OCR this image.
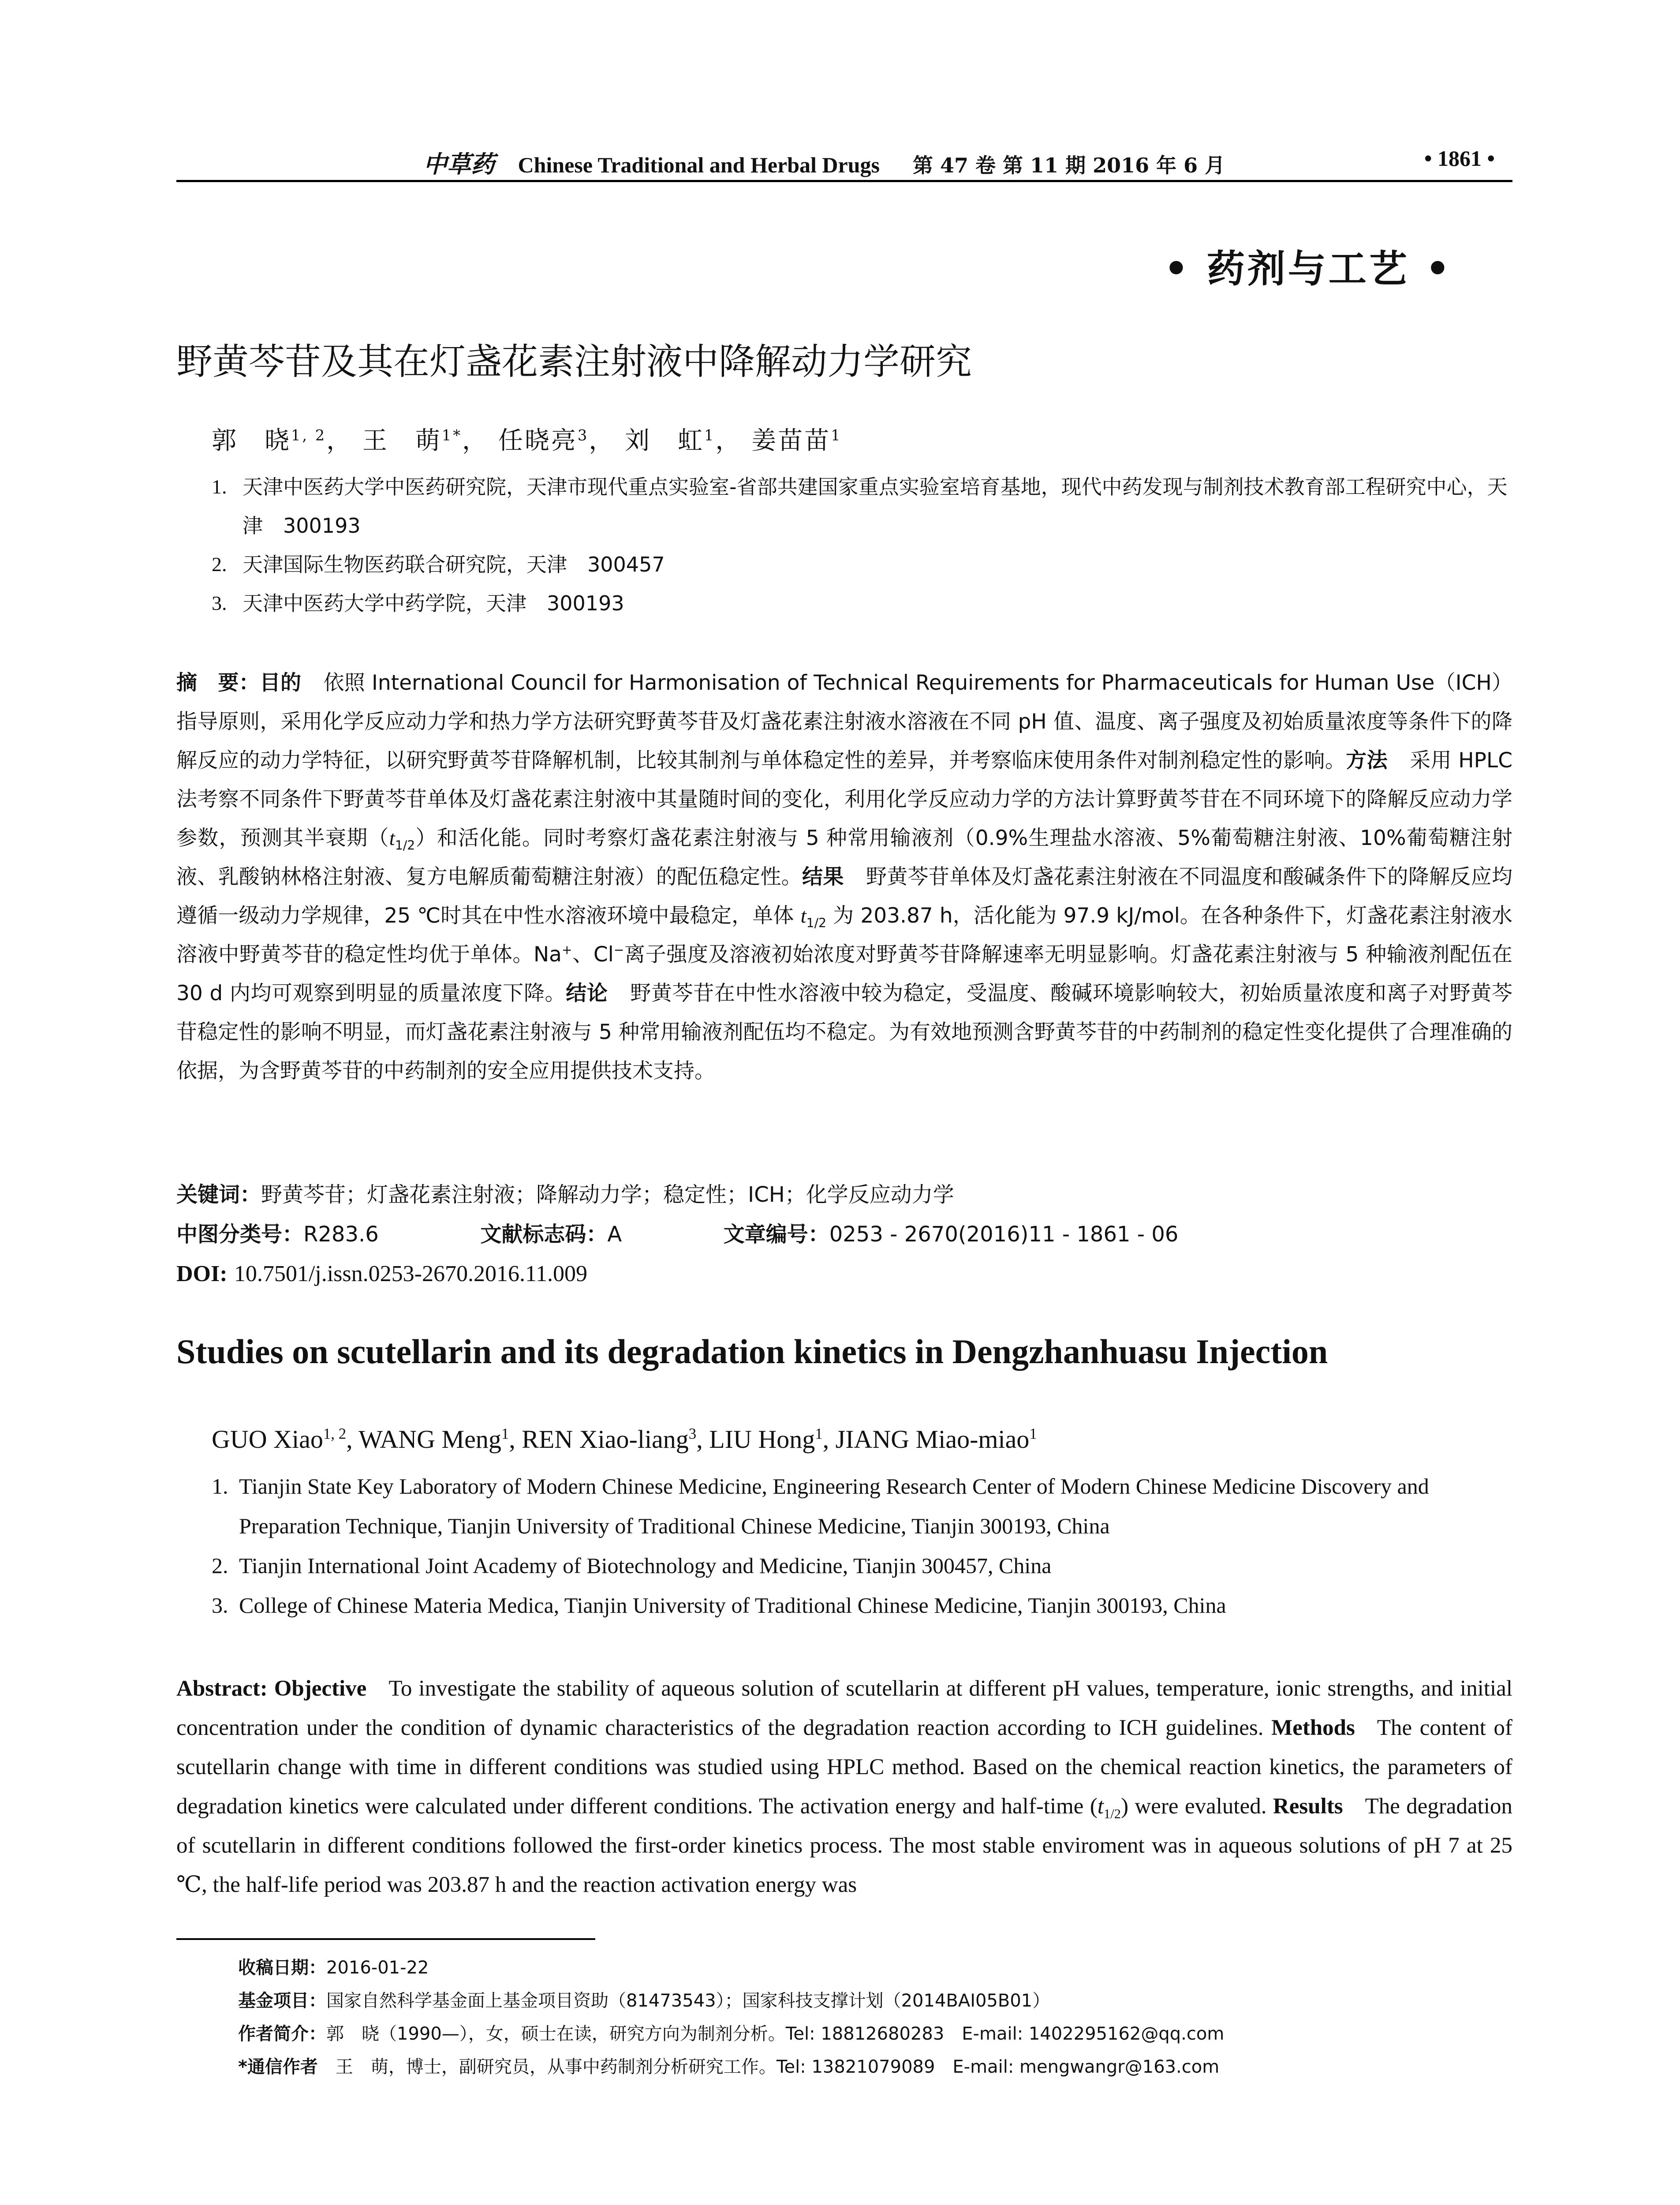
中草药 Chinese Traditional and Herbal Drugs 第 47 卷 第 11 期 2016 年 6 月	• 1861 •
• 药剂与工艺 •
野黄芩苷及其在灯盏花素注射液中降解动力学研究
郭　晓$^{1, 2}$， 王　萌$^{1*}$， 任晓亮$^3$， 刘　虹$^1$， 姜苗苗$^1$
1. 天津中医药大学中医药研究院，天津市现代重点实验室-省部共建国家重点实验室培育基地，现代中药发现与制剂技术教育部工程研究中心，天津　300193
2. 天津国际生物医药联合研究院，天津　300457
3. 天津中医药大学中药学院，天津　300193
摘　要：目的 依照 International Council for Harmonisation of Technical Requirements for Pharmaceuticals for Human Use（ICH）指导原则，采用化学反应动力学和热力学方法研究野黄芩苷及灯盏花素注射液水溶液在不同 pH 值、温度、离子强度及初始质量浓度等条件下的降解反应的动力学特征，以研究野黄芩苷降解机制，比较其制剂与单体稳定性的差异，并考察临床使用条件对制剂稳定性的影响。方法 采用 HPLC 法考察不同条件下野黄芩苷单体及灯盏花素注射液中其量随时间的变化，利用化学反应动力学的方法计算野黄芩苷在不同环境下的降解反应动力学参数，预测其半衰期$(t_{1/2})$和活化能。同时考察灯盏花素注射液与 5 种常用输液剂（0.9%生理盐水溶液、5%葡萄糖注射液、10%葡萄糖注射液、乳酸钠林格注射液、复方电解质葡萄糖注射液）的配伍稳定性。结果 野黄芩苷单体及灯盏花素注射液在不同温度和酸碱条件下的降解反应均遵循一级动力学规律，25 ℃时其在中性水溶液环境中最稳定，单体 $t_{1/2}$ 为 203.87 h，活化能为 97.9 kJ/mol。在各种条件下，灯盏花素注射液水溶液中野黄芩苷的稳定性均优于单体。Na+、Cl−离子强度及溶液初始浓度对野黄芩苷降解速率无明显影响。灯盏花素注射液与 5 种输液剂配伍在 30 d 内均可观察到明显的质量浓度下降。结论 野黄芩苷在中性水溶液中较为稳定，受温度、酸碱环境影响较大，初始质量浓度和离子对野黄芩苷稳定性的影响不明显，而灯盏花素注射液与 5 种常用输液剂配伍均不稳定。为有效地预测含野黄芩苷的中药制剂的稳定性变化提供了合理准确的依据，为含野黄芩苷的中药制剂的安全应用提供技术支持。
关键词：野黄芩苷；灯盏花素注射液；降解动力学；稳定性；ICH；化学反应动力学
中图分类号：R283.6	文献标志码：A	文章编号：0253 - 2670(2016)11 - 1861 - 06
DOI: 10.7501/j.issn.0253-2670.2016.11.009
Studies on scutellarin and its degradation kinetics in Dengzhanhuasu Injection
GUO Xiao$^{1, 2}$, WANG Meng$^1$, REN Xiao-liang$^3$, LIU Hong$^1$, JIANG Miao-miao$^1$
1. Tianjin State Key Laboratory of Modern Chinese Medicine, Engineering Research Center of Modern Chinese Medicine Discovery and Preparation Technique, Tianjin University of Traditional Chinese Medicine, Tianjin 300193, China
2. Tianjin International Joint Academy of Biotechnology and Medicine, Tianjin 300457, China
3. College of Chinese Materia Medica, Tianjin University of Traditional Chinese Medicine, Tianjin 300193, China
Abstract: Objective To investigate the stability of aqueous solution of scutellarin at different pH values, temperature, ionic strengths, and initial concentration under the condition of dynamic characteristics of the degradation reaction according to ICH guidelines. Methods The content of scutellarin change with time in different conditions was studied using HPLC method. Based on the chemical reaction kinetics, the parameters of degradation kinetics were calculated under different conditions. The activation energy and half-time $(t_{1/2})$ were evaluted. Results The degradation of scutellarin in different conditions followed the first-order kinetics process. The most stable enviroment was in aqueous solutions of pH 7 at 25 ℃, the half-life period was 203.87 h and the reaction activation energy was
收稿日期：2016-01-22
基金项目：国家自然科学基金面上基金项目资助（81473543）；国家科技支撑计划（2014BAI05B01）
作者简介：郭　晓（1990—），女，硕士在读，研究方向为制剂分析。Tel: 18812680283　E-mail: 1402295162@qq.com
*通信作者　王　萌，博士，副研究员，从事中药制剂分析研究工作。Tel: 13821079089　E-mail: mengwangr@163.com
